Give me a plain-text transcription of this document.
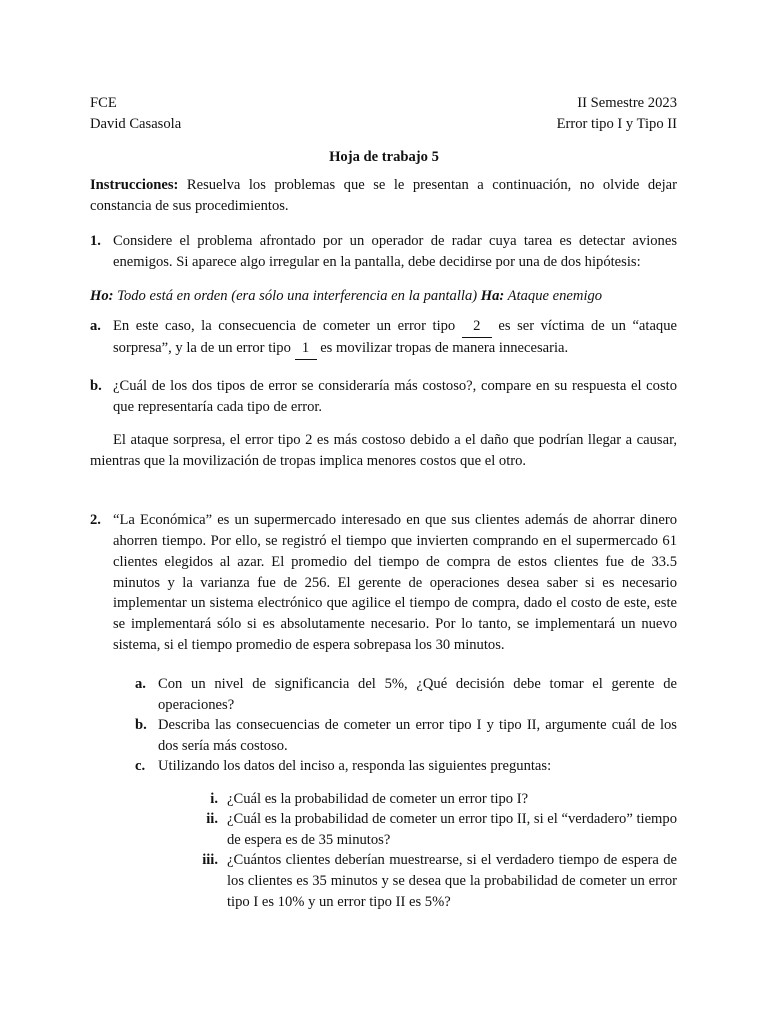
FCE
David Casasola
II Semestre 2023
Error tipo I y Tipo II
Hoja de trabajo 5

Instrucciones: Resuelva los problemas que se le presentan a continuación, no olvide dejar constancia de sus procedimientos.

1. Considere el problema afrontado por un operador de radar cuya tarea es detectar aviones enemigos. Si aparece algo irregular en la pantalla, debe decidirse por una de dos hipótesis:

Ho: Todo está en orden (era sólo una interferencia en la pantalla) Ha: Ataque enemigo

a. En este caso, la consecuencia de cometer un error tipo 2 es ser víctima de un “ataque sorpresa”, y la de un error tipo 1 es movilizar tropas de manera innecesaria.

b. ¿Cuál de los dos tipos de error se consideraría más costoso?, compare en su respuesta el costo que representaría cada tipo de error.

El ataque sorpresa, el error tipo 2 es más costoso debido a el daño que podrían llegar a causar, mientras que la movilización de tropas implica menores costos que el otro.

2. “La Económica” es un supermercado interesado en que sus clientes además de ahorrar dinero ahorren tiempo. Por ello, se registró el tiempo que invierten comprando en el supermercado 61 clientes elegidos al azar. El promedio del tiempo de compra de estos clientes fue de 33.5 minutos y la varianza fue de 256. El gerente de operaciones desea saber si es necesario implementar un sistema electrónico que agilice el tiempo de compra, dado el costo de este, este se implementará sólo si es absolutamente necesario. Por lo tanto, se implementará un nuevo sistema, si el tiempo promedio de espera sobrepasa los 30 minutos.

a. Con un nivel de significancia del 5%, ¿Qué decisión debe tomar el gerente de operaciones?

b. Describa las consecuencias de cometer un error tipo I y tipo II, argumente cuál de los dos sería más costoso.

c. Utilizando los datos del inciso a, responda las siguientes preguntas:

i. ¿Cuál es la probabilidad de cometer un error tipo I?

ii. ¿Cuál es la probabilidad de cometer un error tipo II, si el “verdadero” tiempo de espera es de 35 minutos?

iii. ¿Cuántos clientes deberían muestrearse, si el verdadero tiempo de espera de los clientes es 35 minutos y se desea que la probabilidad de cometer un error tipo I es 10% y un error tipo II es 5%?
